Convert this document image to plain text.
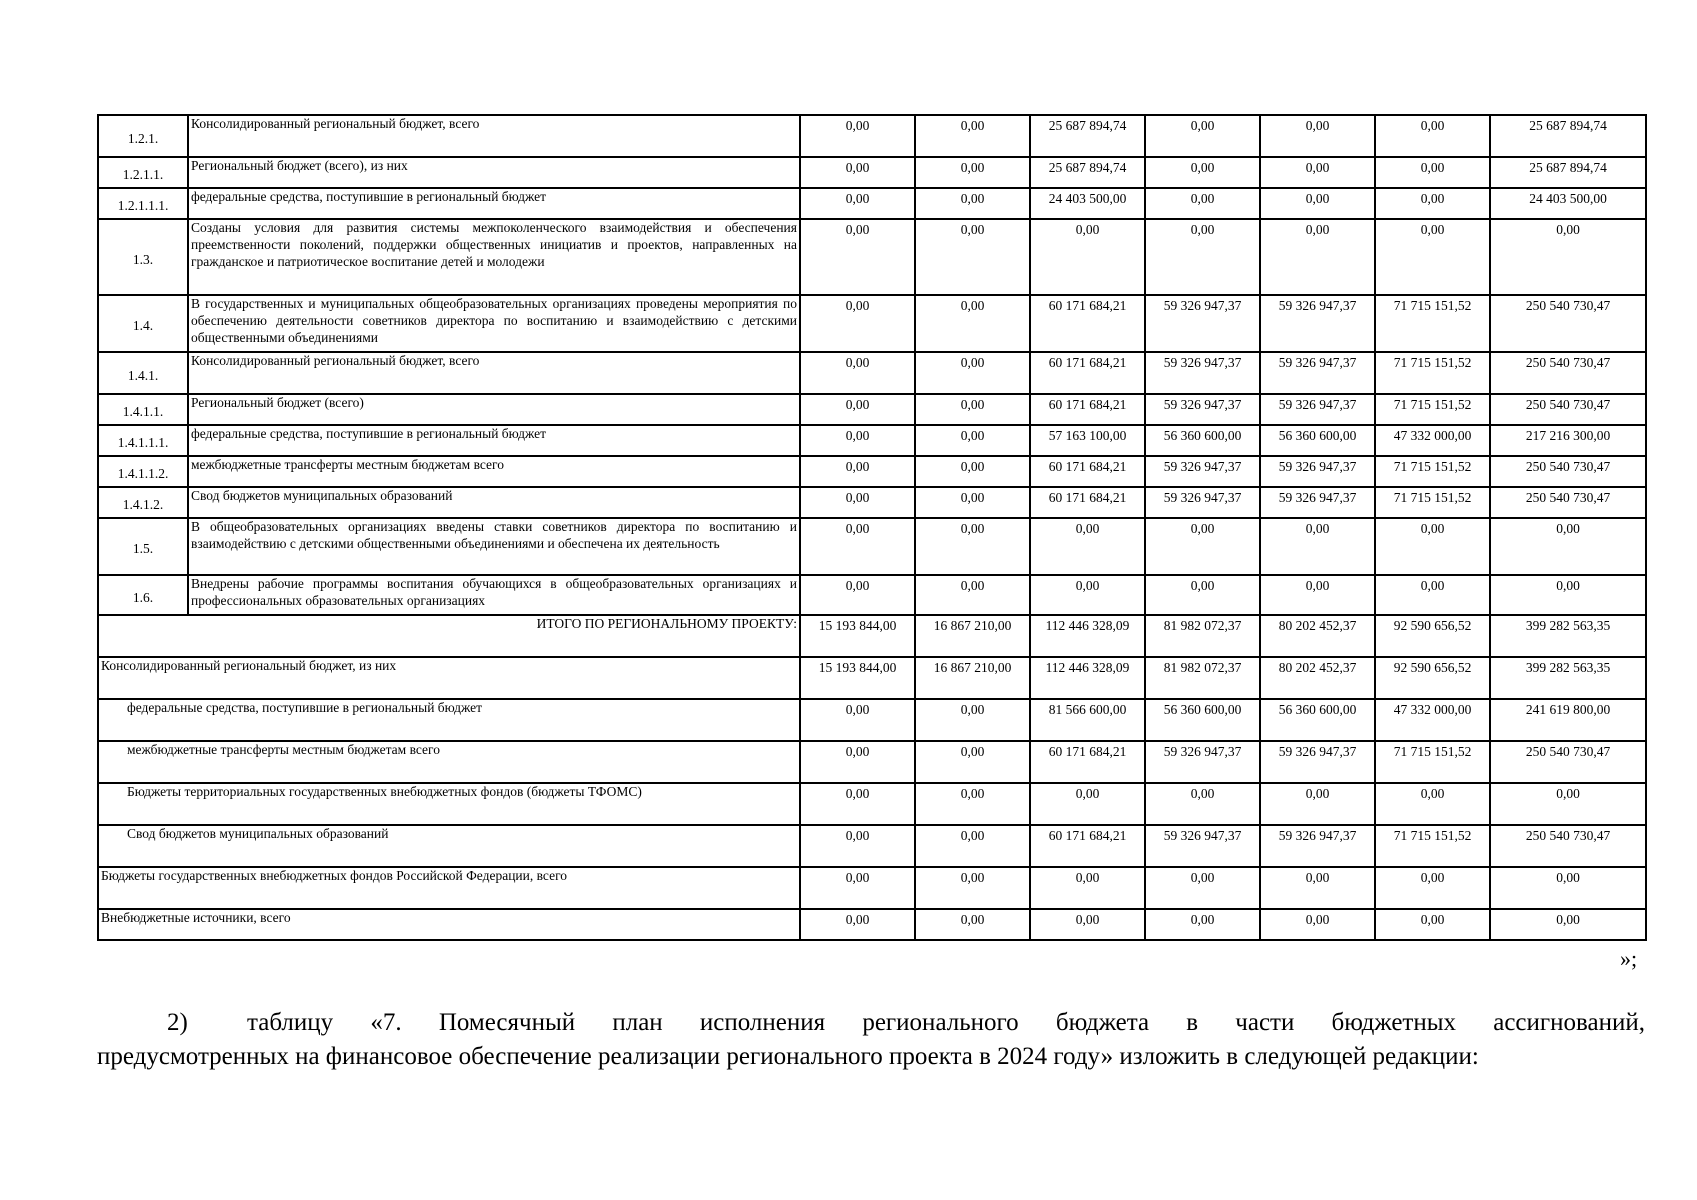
1.2.1.	Консолидированный региональный бюджет, всего	0,00	0,00	25 687 894,74	0,00	0,00	0,00	25 687 894,74
1.2.1.1.	Региональный бюджет (всего), из них	0,00	0,00	25 687 894,74	0,00	0,00	0,00	25 687 894,74
1.2.1.1.1.	федеральные средства, поступившие в региональный бюджет	0,00	0,00	24 403 500,00	0,00	0,00	0,00	24 403 500,00
1.3.	Созданы условия для развития системы межпоколенческого взаимодействия и обеспечения преемственности поколений, поддержки общественных инициатив и проектов, направленных на гражданское и патриотическое воспитание детей и молодежи	0,00	0,00	0,00	0,00	0,00	0,00	0,00
1.4.	В государственных и муниципальных общеобразовательных организациях проведены мероприятия по обеспечению деятельности советников директора по воспитанию и взаимодействию с детскими общественными объединениями	0,00	0,00	60 171 684,21	59 326 947,37	59 326 947,37	71 715 151,52	250 540 730,47
1.4.1.	Консолидированный региональный бюджет, всего	0,00	0,00	60 171 684,21	59 326 947,37	59 326 947,37	71 715 151,52	250 540 730,47
1.4.1.1.	Региональный бюджет (всего)	0,00	0,00	60 171 684,21	59 326 947,37	59 326 947,37	71 715 151,52	250 540 730,47
1.4.1.1.1.	федеральные средства, поступившие в региональный бюджет	0,00	0,00	57 163 100,00	56 360 600,00	56 360 600,00	47 332 000,00	217 216 300,00
1.4.1.1.2.	межбюджетные трансферты местным бюджетам всего	0,00	0,00	60 171 684,21	59 326 947,37	59 326 947,37	71 715 151,52	250 540 730,47
1.4.1.2.	Свод бюджетов муниципальных образований	0,00	0,00	60 171 684,21	59 326 947,37	59 326 947,37	71 715 151,52	250 540 730,47
1.5.	В общеобразовательных организациях введены ставки советников директора по воспитанию и взаимодействию с детскими общественными объединениями и обеспечена их деятельность	0,00	0,00	0,00	0,00	0,00	0,00	0,00
1.6.	Внедрены рабочие программы воспитания обучающихся в общеобразовательных организациях и профессиональных образовательных организациях	0,00	0,00	0,00	0,00	0,00	0,00	0,00
ИТОГО ПО РЕГИОНАЛЬНОМУ ПРОЕКТУ:		15 193 844,00	16 867 210,00	112 446 328,09	81 982 072,37	80 202 452,37	92 590 656,52	399 282 563,35
Консолидированный региональный бюджет, из них		15 193 844,00	16 867 210,00	112 446 328,09	81 982 072,37	80 202 452,37	92 590 656,52	399 282 563,35
федеральные средства, поступившие в региональный бюджет		0,00	0,00	81 566 600,00	56 360 600,00	56 360 600,00	47 332 000,00	241 619 800,00
межбюджетные трансферты местным бюджетам всего		0,00	0,00	60 171 684,21	59 326 947,37	59 326 947,37	71 715 151,52	250 540 730,47
Бюджеты территориальных государственных внебюджетных фондов (бюджеты ТФОМС)		0,00	0,00	0,00	0,00	0,00	0,00	0,00
Свод бюджетов муниципальных образований		0,00	0,00	60 171 684,21	59 326 947,37	59 326 947,37	71 715 151,52	250 540 730,47
Бюджеты государственных внебюджетных фондов Российской Федерации, всего		0,00	0,00	0,00	0,00	0,00	0,00	0,00
Внебюджетные источники, всего		0,00	0,00	0,00	0,00	0,00	0,00	0,00
»;
2) таблицу «7. Помесячный план исполнения регионального бюджета в части бюджетных ассигнований,
предусмотренных на финансовое обеспечение реализации регионального проекта в 2024 году» изложить в следующей редакции:
